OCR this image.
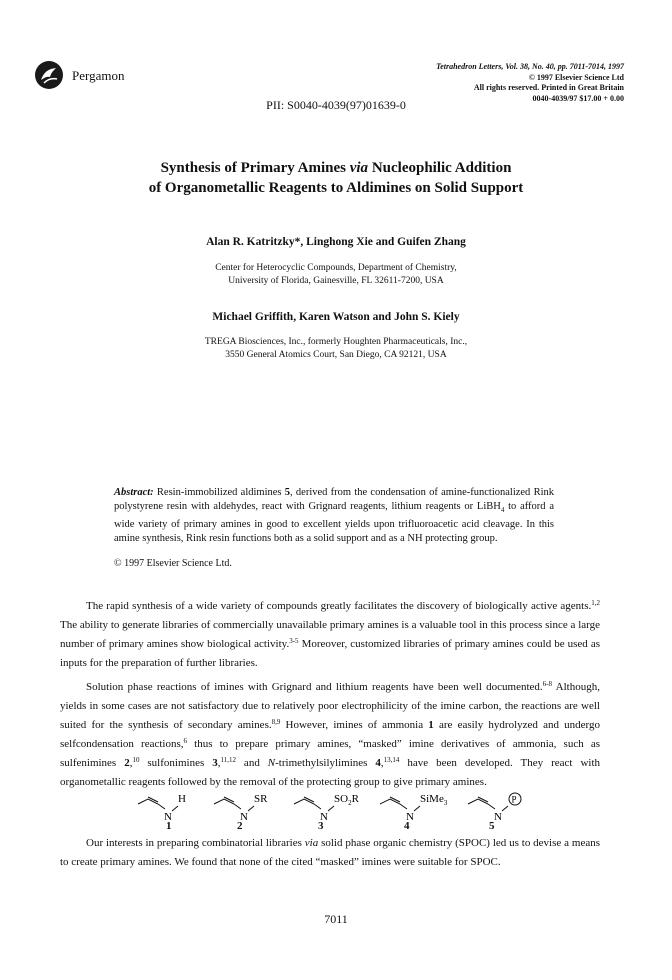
Pergamon
Tetrahedron Letters, Vol. 38, No. 40, pp. 7011-7014, 1997
© 1997 Elsevier Science Ltd
All rights reserved. Printed in Great Britain
0040-4039/97 $17.00 + 0.00
PII: S0040-4039(97)01639-0
Synthesis of Primary Amines via Nucleophilic Addition
of Organometallic Reagents to Aldimines on Solid Support
Alan R. Katritzky*, Linghong Xie and Guifen Zhang
Center for Heterocyclic Compounds, Department of Chemistry,
University of Florida, Gainesville, FL 32611-7200, USA
Michael Griffith, Karen Watson and John S. Kiely
TREGA Biosciences, Inc., formerly Houghten Pharmaceuticals, Inc.,
3550 General Atomics Court, San Diego, CA 92121, USA
Abstract: Resin-immobilized aldimines 5, derived from the condensation of amine-functionalized Rink polystyrene resin with aldehydes, react with Grignard reagents, lithium reagents or LiBH$_4$ to afford a wide variety of primary amines in good to excellent yields upon trifluoroacetic acid cleavage. In this amine synthesis, Rink resin functions both as a solid support and as a NH protecting group.
© 1997 Elsevier Science Ltd.
The rapid synthesis of a wide variety of compounds greatly facilitates the discovery of biologically active agents.$^{1,2}$ The ability to generate libraries of commercially unavailable primary amines is a valuable tool in this process since a large number of primary amines show biological activity.$^{3-5}$ Moreover, customized libraries of primary amines could be used as inputs for the preparation of further libraries.
Solution phase reactions of imines with Grignard and lithium reagents have been well documented.$^{6-8}$ Although, yields in some cases are not satisfactory due to relatively poor electrophilicity of the imine carbon, the reactions are well suited for the synthesis of secondary amines.$^{8,9}$ However, imines of ammonia 1 are easily hydrolyzed and undergo selfcondensation reactions,$^6$ thus to prepare primary amines, “masked” imine derivatives of ammonia, such as sulfenimines 2,10 sulfonimines 3,$^{11,12}$ and N-trimethylsilylimines 4,$^{13,14}$ have been developed. They react with organometallic reagents followed by the removal of the protecting group to give primary amines.
N
H
N
SR
N
$SO_2R$
N
SiMe$_3$
N
P
1	2	3	4	5
Our interests in preparing combinatorial libraries via solid phase organic chemistry (SPOC) led us to devise a means to create primary amines. We found that none of the cited “masked” imines were suitable for SPOC.
7011
